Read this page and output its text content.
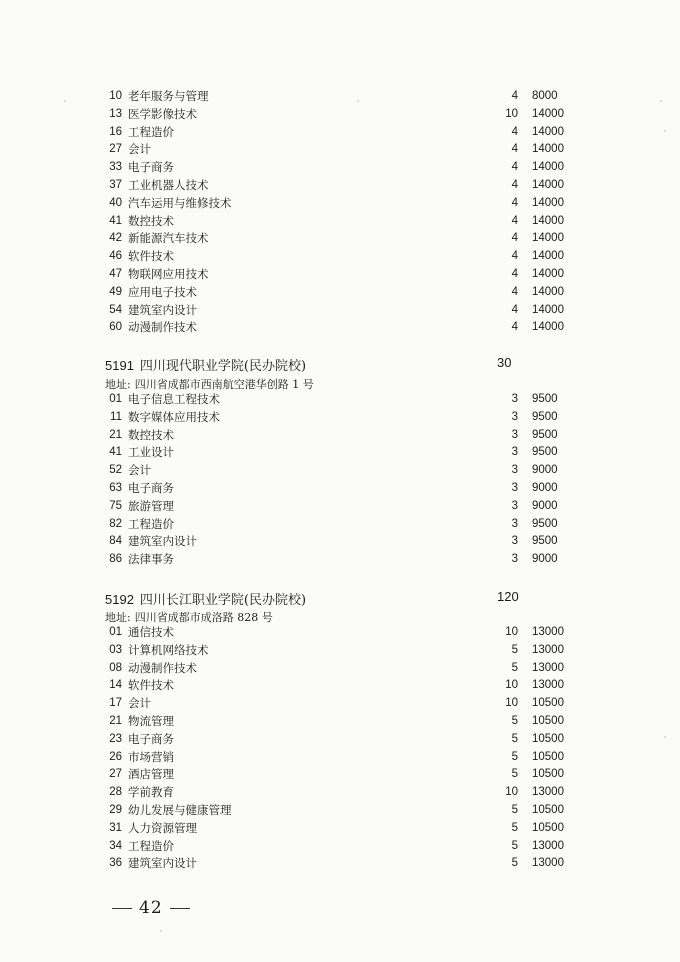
10 老年服务与管理	4 8000
13 医学影像技术	10 14000
16 工程造价	4 14000
27 会计	4 14000
33 电子商务	4 14000
37 工业机器人技术	4 14000
40 汽车运用与维修技术	4 14000
41 数控技术	4 14000
42 新能源汽车技术	4 14000
46 软件技术	4 14000
47 物联网应用技术	4 14000
49 应用电子技术	4 14000
54 建筑室内设计	4 14000
60 动漫制作技术	4 14000
5191 四川现代职业学院(民办院校)	30
地址: 四川省成都市西南航空港华创路 1 号
01 电子信息工程技术	3 9500
11 数字媒体应用技术	3 9500
21 数控技术	3 9500
41 工业设计	3 9500
52 会计	3 9000
63 电子商务	3 9000
75 旅游管理	3 9000
82 工程造价	3 9500
84 建筑室内设计	3 9500
86 法律事务	3 9000
5192 四川长江职业学院(民办院校)	120
地址: 四川省成都市成洛路 828 号
01 通信技术	10 13000
03 计算机网络技术	5 13000
08 动漫制作技术	5 13000
14 软件技术	10 13000
17 会计	10 10500
21 物流管理	5 10500
23 电子商务	5 10500
26 市场营销	5 10500
27 酒店管理	5 10500
28 学前教育	10 13000
29 幼儿发展与健康管理	5 10500
31 人力资源管理	5 10500
34 工程造价	5 13000
36 建筑室内设计	5 13000
42
